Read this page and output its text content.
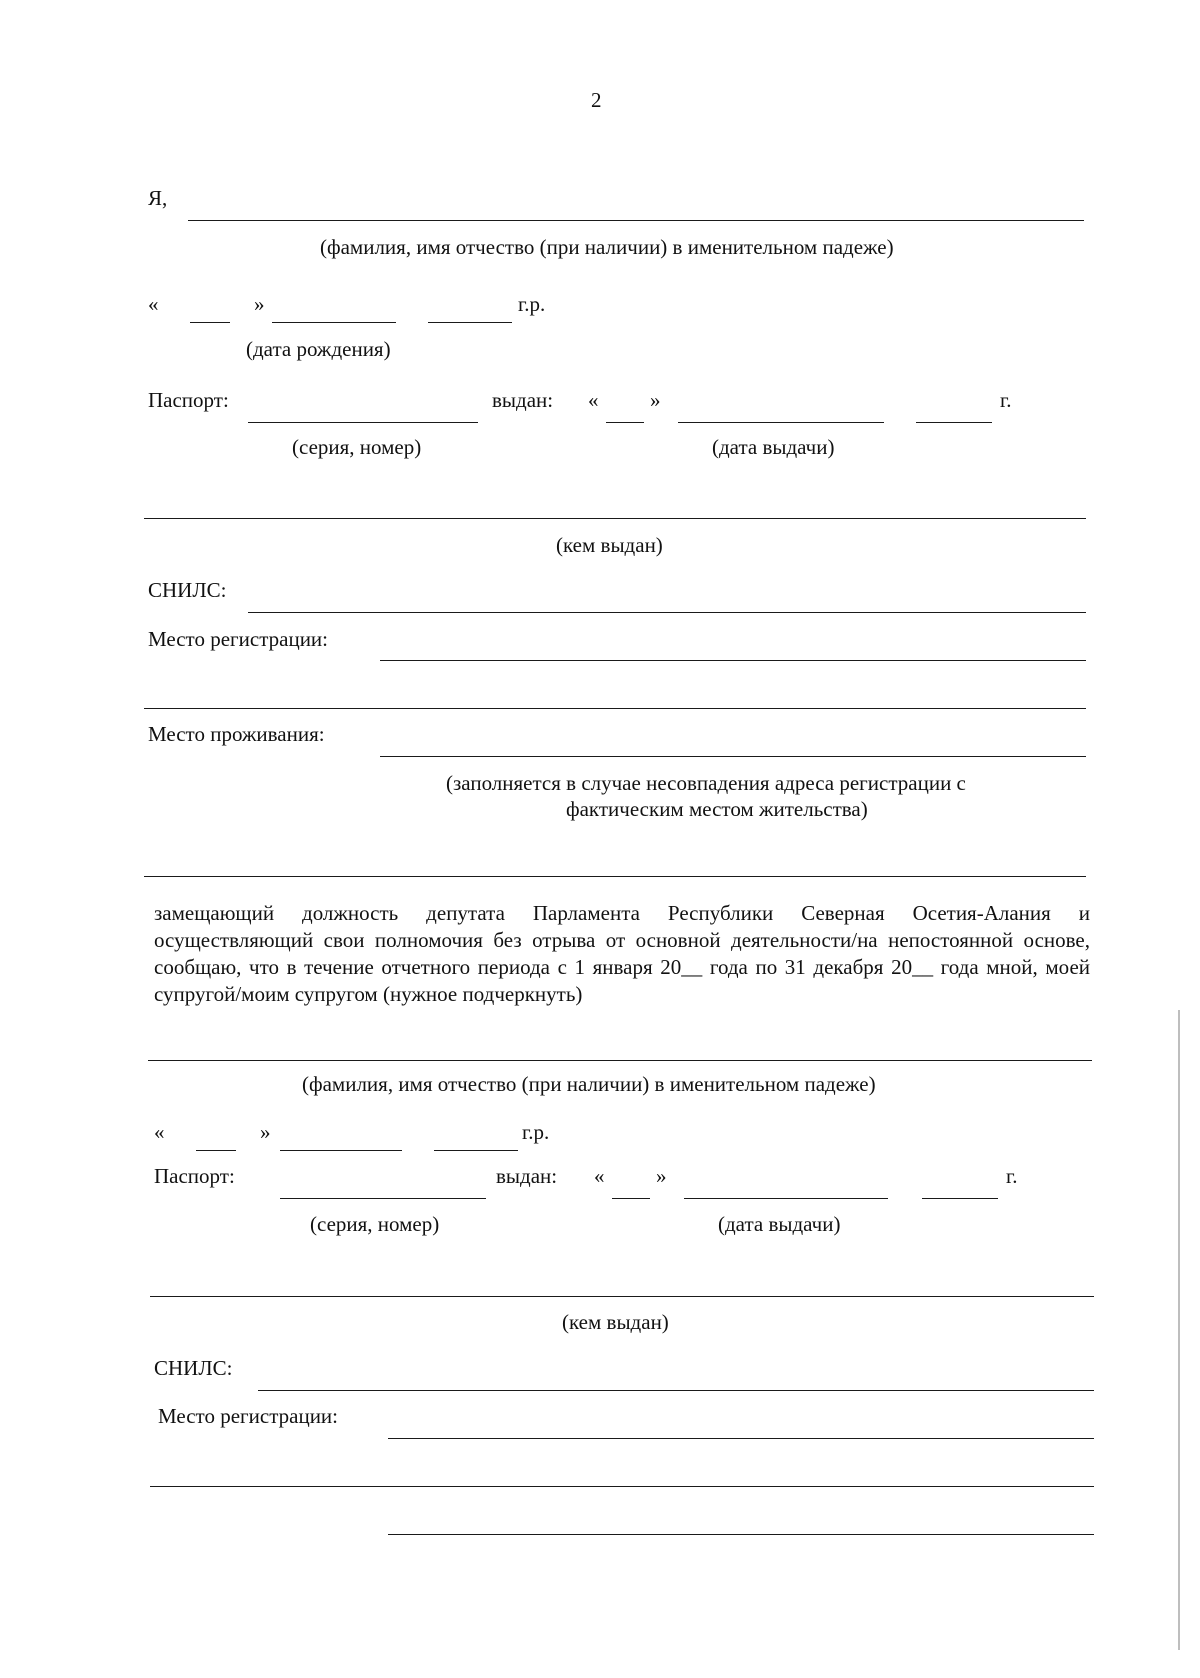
2
Я,
(фамилия, имя отчество (при наличии) в именительном падеже)
«	»	г.р.
(дата рождения)
Паспорт:	выдан: « »	г.
(серия, номер)	(дата выдачи)
(кем выдан)
СНИЛС:
Место регистрации:
Место проживания:
(заполняется в случае несовпадения адреса регистрации с
фактическим местом жительства)
замещающий должность депутата Парламента Республики Северная Осетия-Алания и осуществляющий свои полномочия без отрыва от основной деятельности/на непостоянной основе, сообщаю, что в течение отчетного периода с 1 января 20__ года по 31 декабря 20__ года мной, моей супругой/моим супругом (нужное подчеркнуть)
(фамилия, имя отчество (при наличии) в именительном падеже)
«	»	г.р.
Паспорт:	выдан: « »	г.
(серия, номер)	(дата выдачи)
(кем выдан)
СНИЛС:
Место регистрации:
